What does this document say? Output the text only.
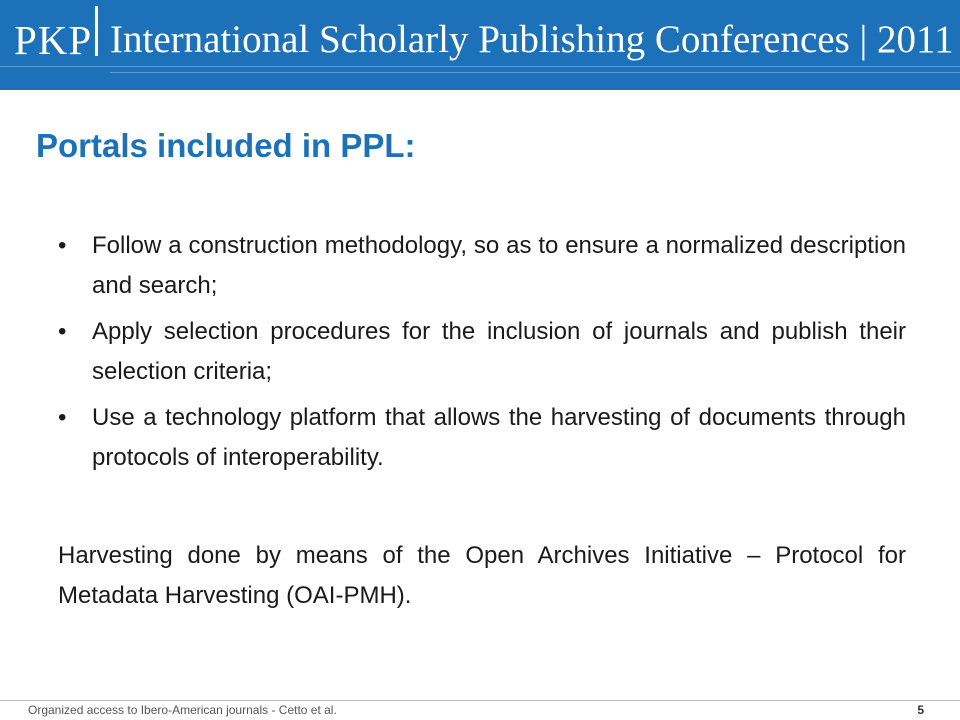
PKP International Scholarly Publishing Conferences | 2011
Portals included in PPL:
•	Follow a construction methodology, so as to ensure a normalized description and search;
•	Apply selection procedures for the inclusion of journals and publish their selection criteria;
•	Use a technology platform that allows the harvesting of documents through protocols of interoperability.

Harvesting done by means of the Open Archives Initiative – Protocol for Metadata Harvesting (OAI-PMH).

Organized access to Ibero-American journals - Cetto et al.	5
